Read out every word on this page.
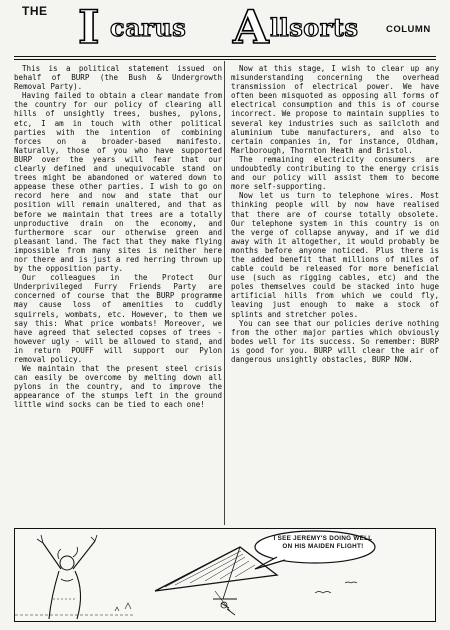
THE I carus A llsorts	COLUMN

This is a political statement issued on behalf of BURP (the Bush & Undergrowth Removal Party).

Having failed to obtain a clear mandate from the country for our policy of clearing all hills of unsightly trees, bushes, pylons, etc, I am in touch with other political parties with the intention of combining forces on a broader-based manifesto. Naturally, those of you who have supported BURP over the years will fear that our clearly defined and unequivocable stand on trees might be abandoned or watered down to appease these other parties. I wish to go on record here and now and state that our position will remain unaltered, and that as before we maintain that trees are a totally unproductive drain on the economy, and furthermore scar our otherwise green and pleasant land. The fact that they make flying impossible from many sites is neither here nor there and is just a red herring thrown up by the opposition party.

Our colleagues in the Protect Our Underprivileged Furry Friends Party are concerned of course that the BURP programme may cause loss of amenities to cuddly squirrels, wombats, etc. However, to them we say this: What price wombats! Moreover, we have agreed that selected copses of trees - however ugly - will be allowed to stand, and in return POUFF will support our Pylon removal policy.

We maintain that the present steel crisis can easily be overcome by melting down all pylons in the country, and to improve the appearance of the stumps left in the ground little wind socks can be tied to each one!

Now at this stage, I wish to clear up any misunderstanding concerning the overhead transmission of electrical power. We have often been misquoted as opposing all forms of electrical consumption and this is of course incorrect. We propose to maintain supplies to several key industries such as sailcloth and aluminium tube manufacturers, and also to certain companies in, for instance, Oldham, Marlborough, Thornton Heath and Bristol.

The remaining electricity consumers are undoubtedly contributing to the energy crisis and our policy will assist them to become more self-supporting.

Now let us turn to telephone wires. Most thinking people will by now have realised that there are of course totally obsolete. Our telephone system in this country is on the verge of collapse anyway, and if we did away with it altogether, it would probably be months before anyone noticed. Plus there is the added benefit that millions of miles of cable could be released for more beneficial use (such as rigging cables, etc) and the poles themselves could be stacked into huge artificial hills from which we could fly, leaving just enough to make a stock of splints and stretcher poles.

You can see that our policies derive nothing from the other major parties which obviously bodes well for its success. So remember: BURP is good for you. BURP will clear the air of dangerous unsightly obstacles, BURP NOW.

I SEE JEREMY'S DOING WELL ON HIS MAIDEN FLIGHT!
